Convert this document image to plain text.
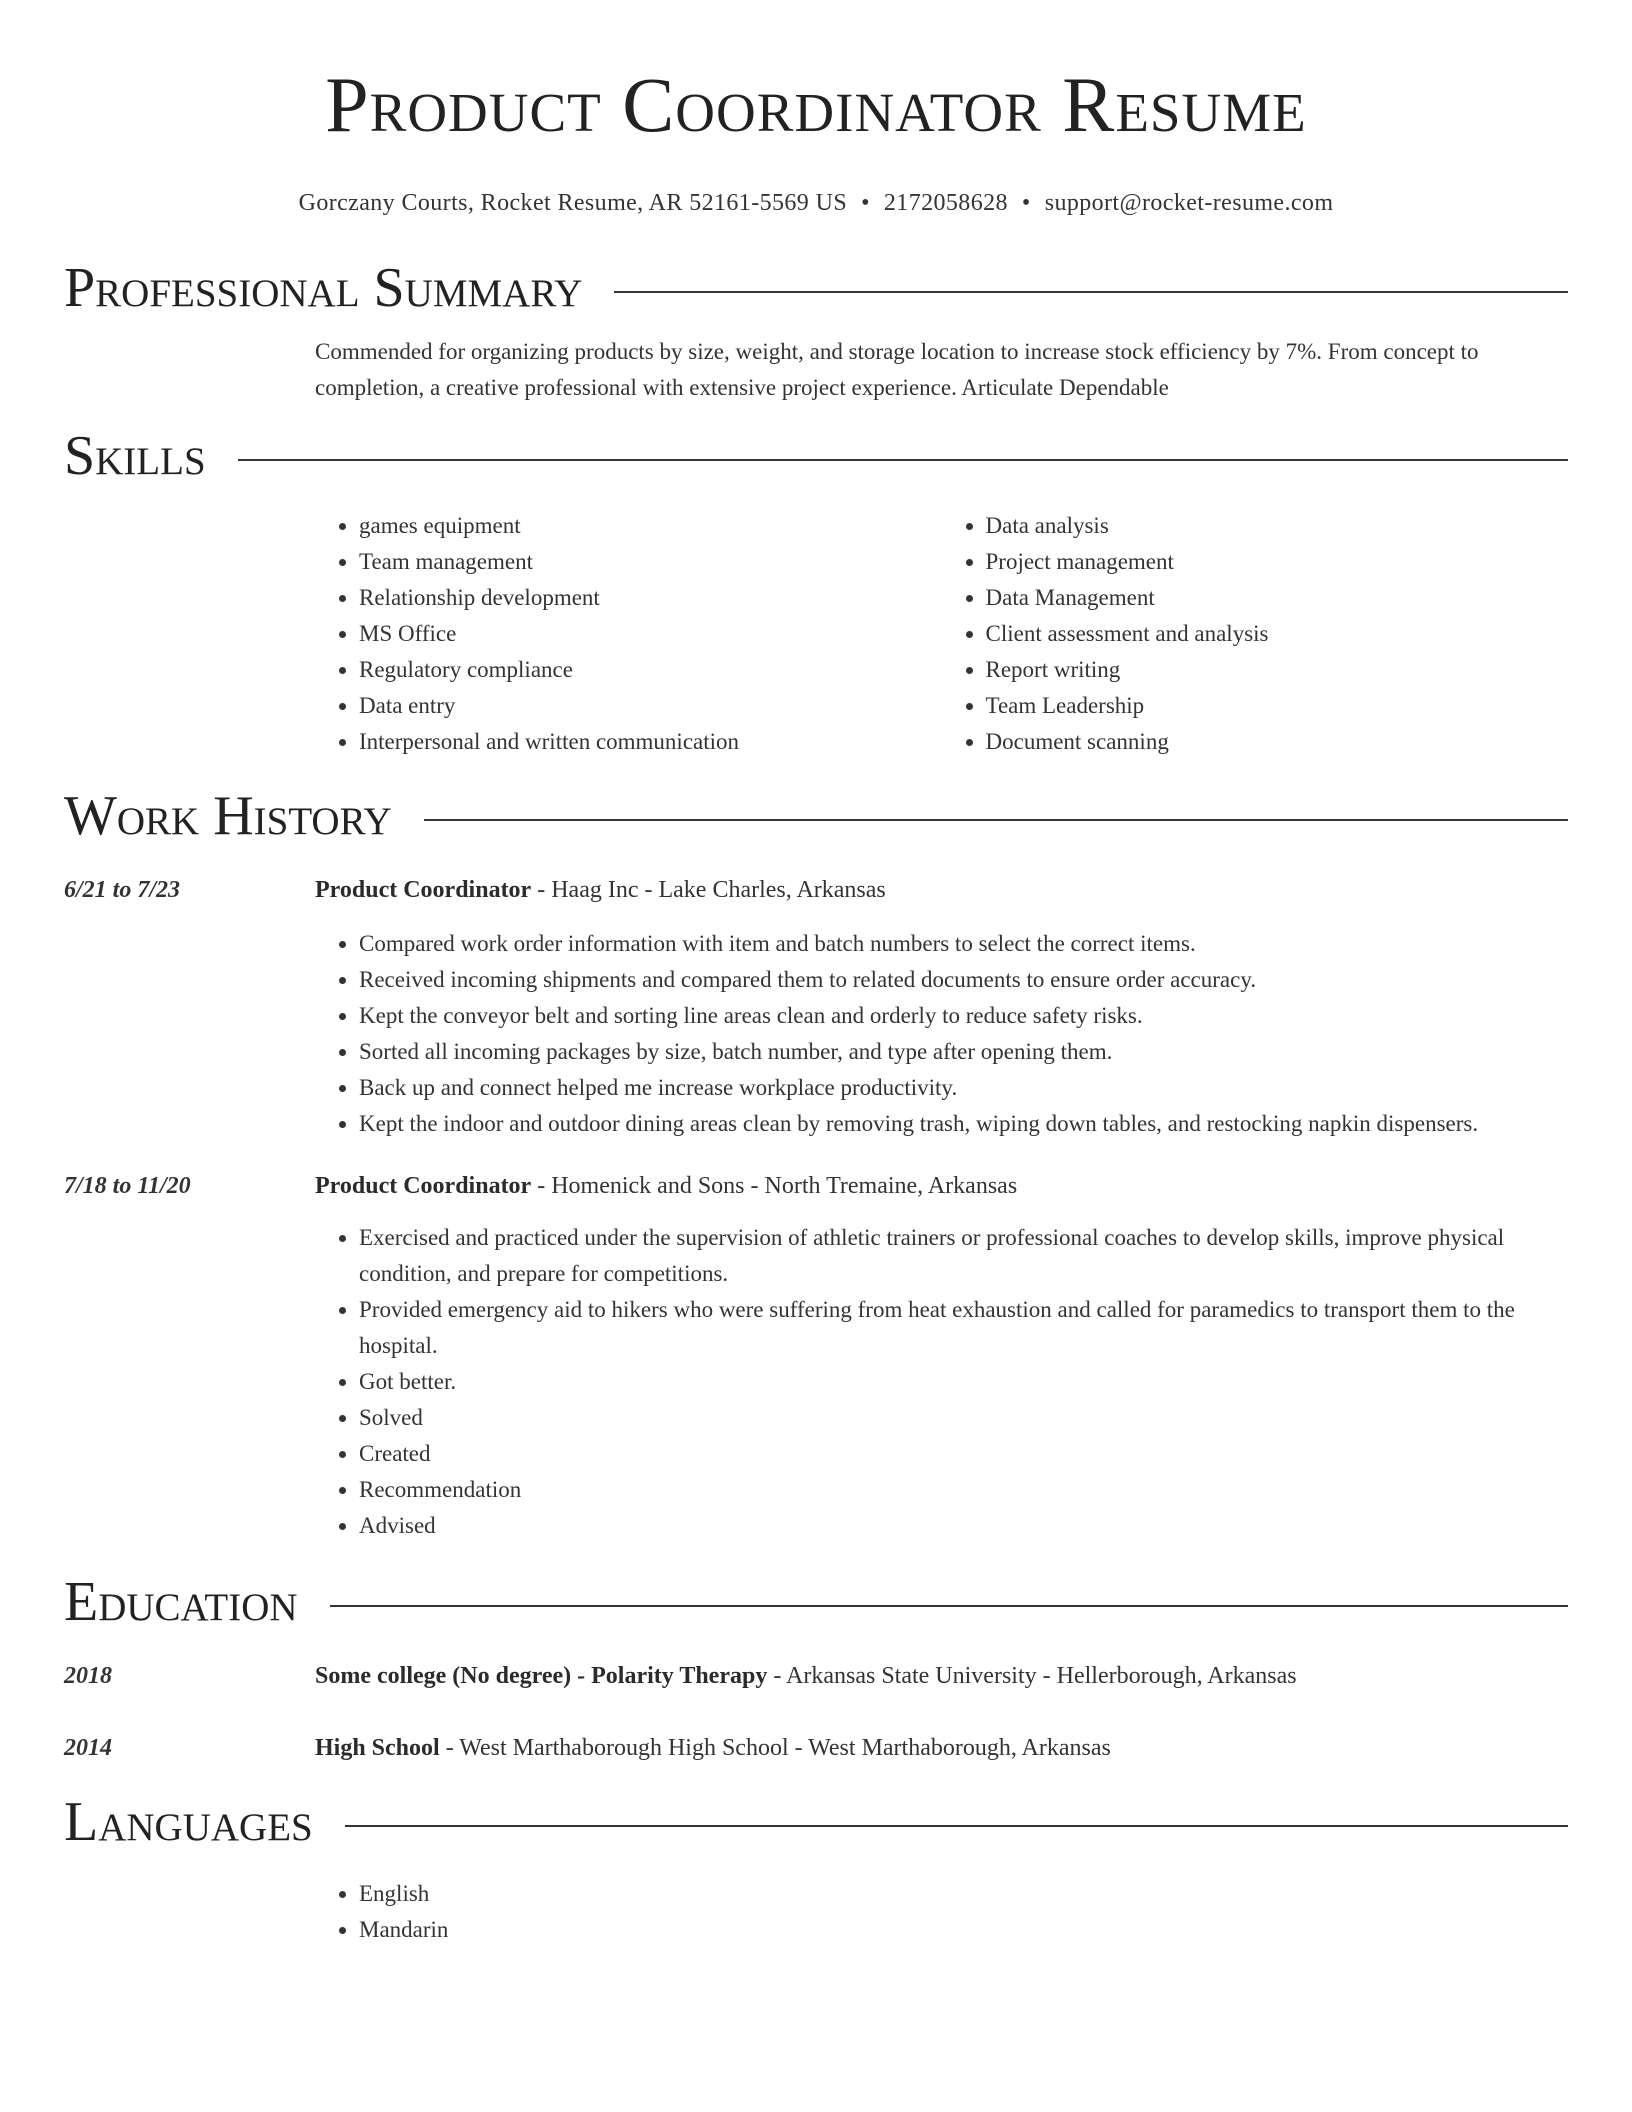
Product Coordinator Resume
Gorczany Courts, Rocket Resume, AR 52161-5569 US • 2172058628 • support@rocket-resume.com
Professional Summary
Commended for organizing products by size, weight, and storage location to increase stock efficiency by 7%. From concept to completion, a creative professional with extensive project experience. Articulate Dependable
Skills
• games equipment
• Team management
• Relationship development
• MS Office
• Regulatory compliance
• Data entry
• Interpersonal and written communication
• Data analysis
• Project management
• Data Management
• Client assessment and analysis
• Report writing
• Team Leadership
• Document scanning
Work History
6/21 to 7/23	Product Coordinator - Haag Inc - Lake Charles, Arkansas
• Compared work order information with item and batch numbers to select the correct items.
• Received incoming shipments and compared them to related documents to ensure order accuracy.
• Kept the conveyor belt and sorting line areas clean and orderly to reduce safety risks.
• Sorted all incoming packages by size, batch number, and type after opening them.
• Back up and connect helped me increase workplace productivity.
• Kept the indoor and outdoor dining areas clean by removing trash, wiping down tables, and restocking napkin dispensers.
7/18 to 11/20	Product Coordinator - Homenick and Sons - North Tremaine, Arkansas
• Exercised and practiced under the supervision of athletic trainers or professional coaches to develop skills, improve physical condition, and prepare for competitions.
• Provided emergency aid to hikers who were suffering from heat exhaustion and called for paramedics to transport them to the hospital.
• Got better.
• Solved
• Created
• Recommendation
• Advised
Education
2018	Some college (No degree) - Polarity Therapy - Arkansas State University - Hellerborough, Arkansas
2014	High School - West Marthaborough High School - West Marthaborough, Arkansas
Languages
• English
• Mandarin
